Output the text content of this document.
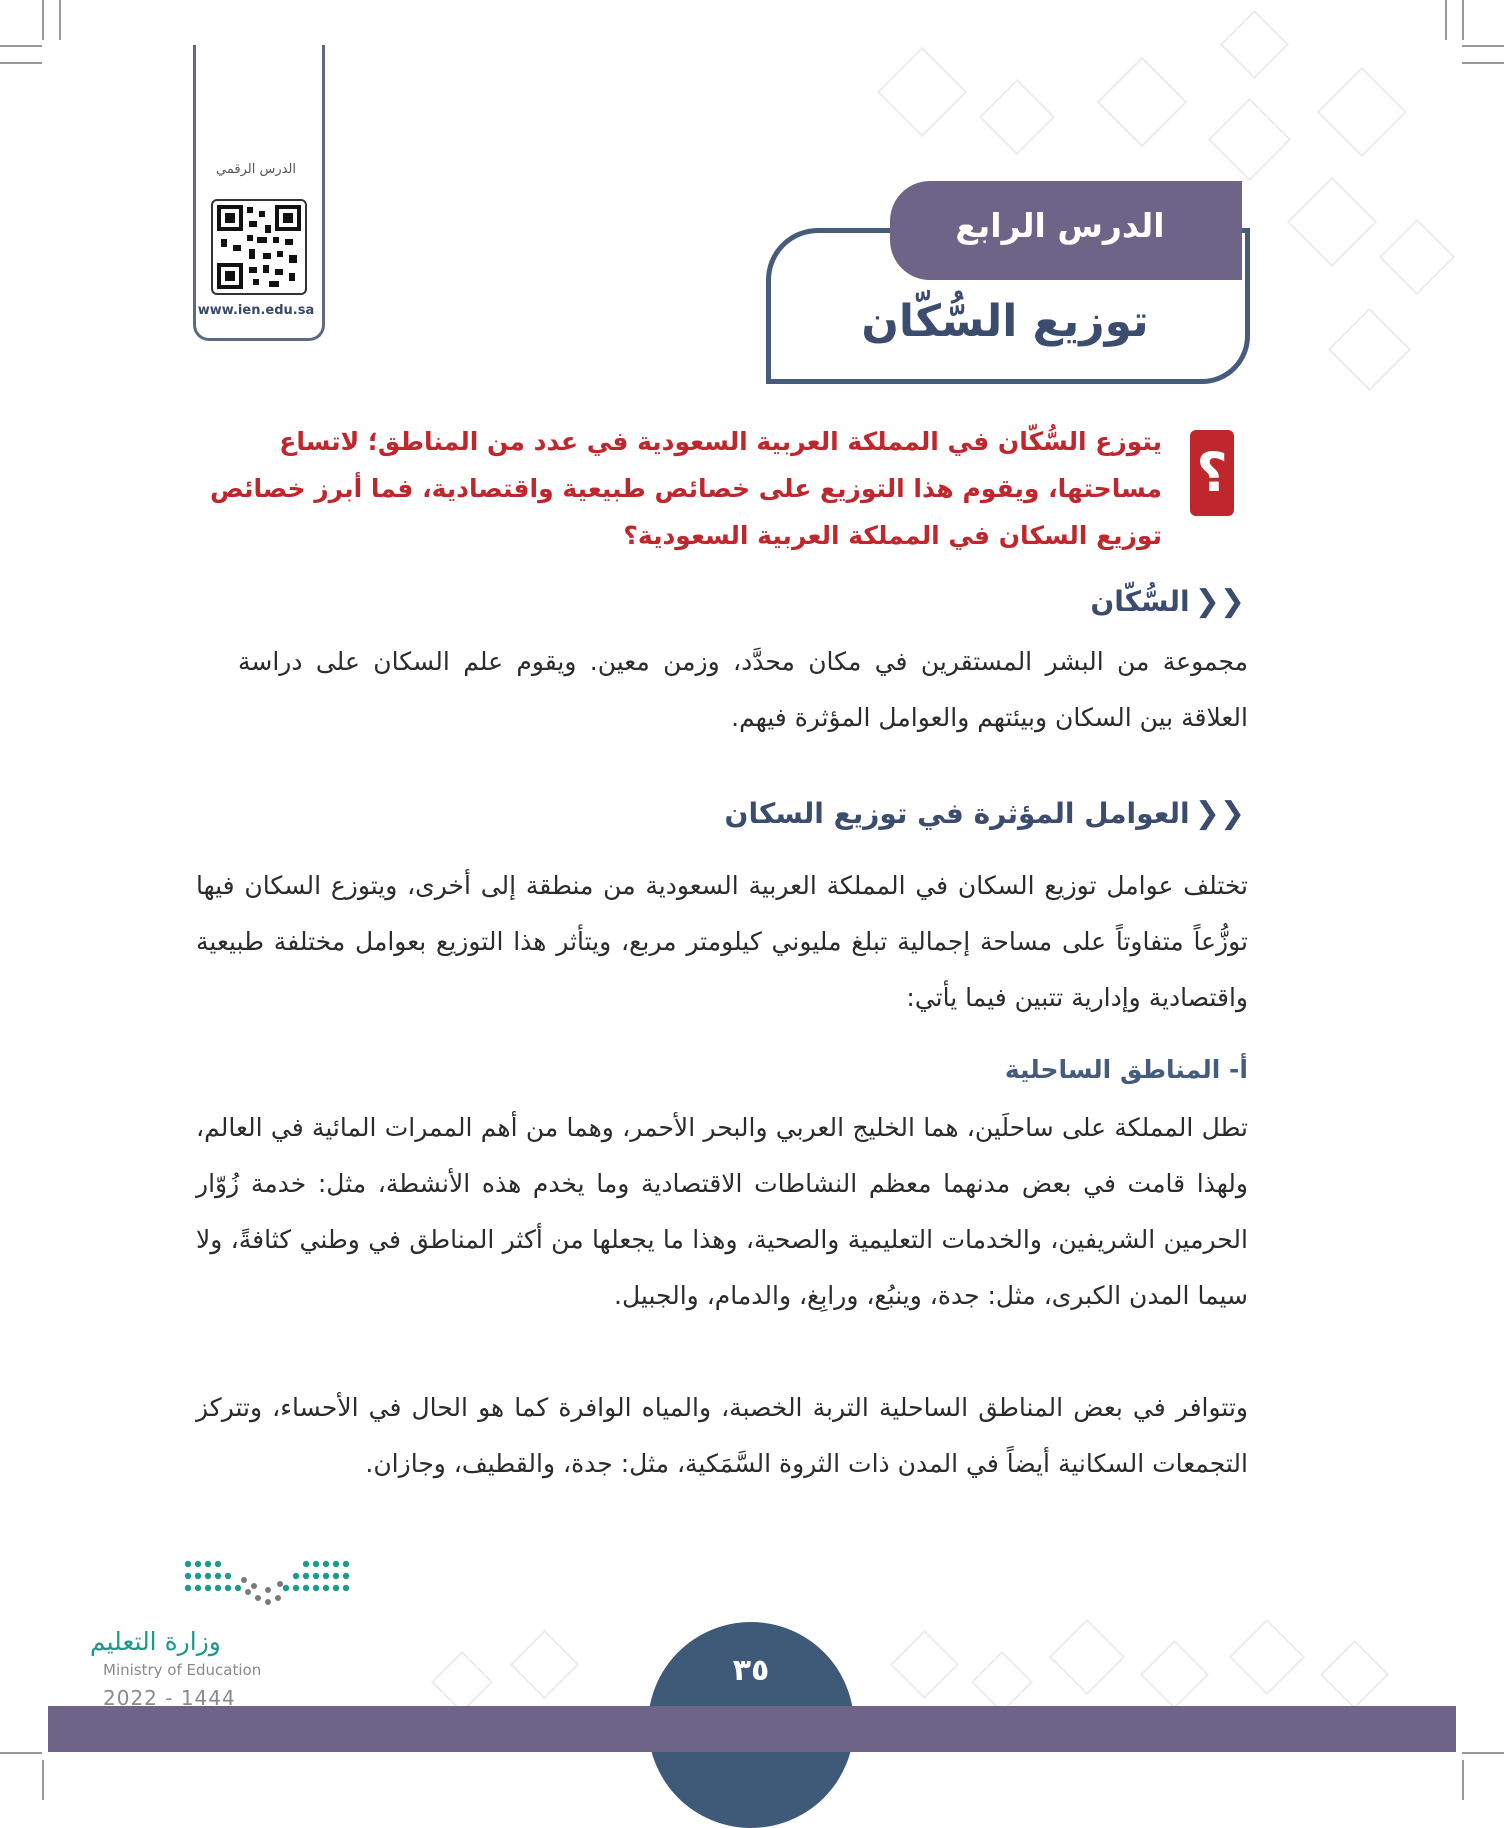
الدرس الرقمي
www.ien.edu.sa
الدرس الرابع
توزيع السُّكّان
؟
يتوزع السُّكّان في المملكة العربية السعودية في عدد من المناطق؛ لاتساع مساحتها، ويقوم هذا التوزيع على خصائص طبيعية واقتصادية، فما أبرز خصائص توزيع السكان في المملكة العربية السعودية؟
❮❮ السُّكّان
مجموعة من البشر المستقرين في مكان محدَّد، وزمن معين. ويقوم علم السكان على دراسة العلاقة بين السكان وبيئتهم والعوامل المؤثرة فيهم.
❮❮ العوامل المؤثرة في توزيع السكان
تختلف عوامل توزيع السكان في المملكة العربية السعودية من منطقة إلى أخرى، ويتوزع السكان فيها توزُّعاً متفاوتاً على مساحة إجمالية تبلغ مليوني كيلومتر مربع، ويتأثر هذا التوزيع بعوامل مختلفة طبيعية واقتصادية وإدارية تتبين فيما يأتي:
أ- المناطق الساحلية
تطل المملكة على ساحلَين، هما الخليج العربي والبحر الأحمر، وهما من أهم الممرات المائية في العالم، ولهذا قامت في بعض مدنهما معظم النشاطات الاقتصادية وما يخدم هذه الأنشطة، مثل: خدمة زُوّار الحرمين الشريفين، والخدمات التعليمية والصحية، وهذا ما يجعلها من أكثر المناطق في وطني كثافةً، ولا سيما المدن الكبرى، مثل: جدة، وينبُع، ورابِغ، والدمام، والجبيل.
وتتوافر في بعض المناطق الساحلية التربة الخصبة، والمياه الوافرة كما هو الحال في الأحساء، وتتركز التجمعات السكانية أيضاً في المدن ذات الثروة السَّمَكية، مثل: جدة، والقطيف، وجازان.
٣٥
وزارة التعليم
Ministry of Education
2022 - 1444
